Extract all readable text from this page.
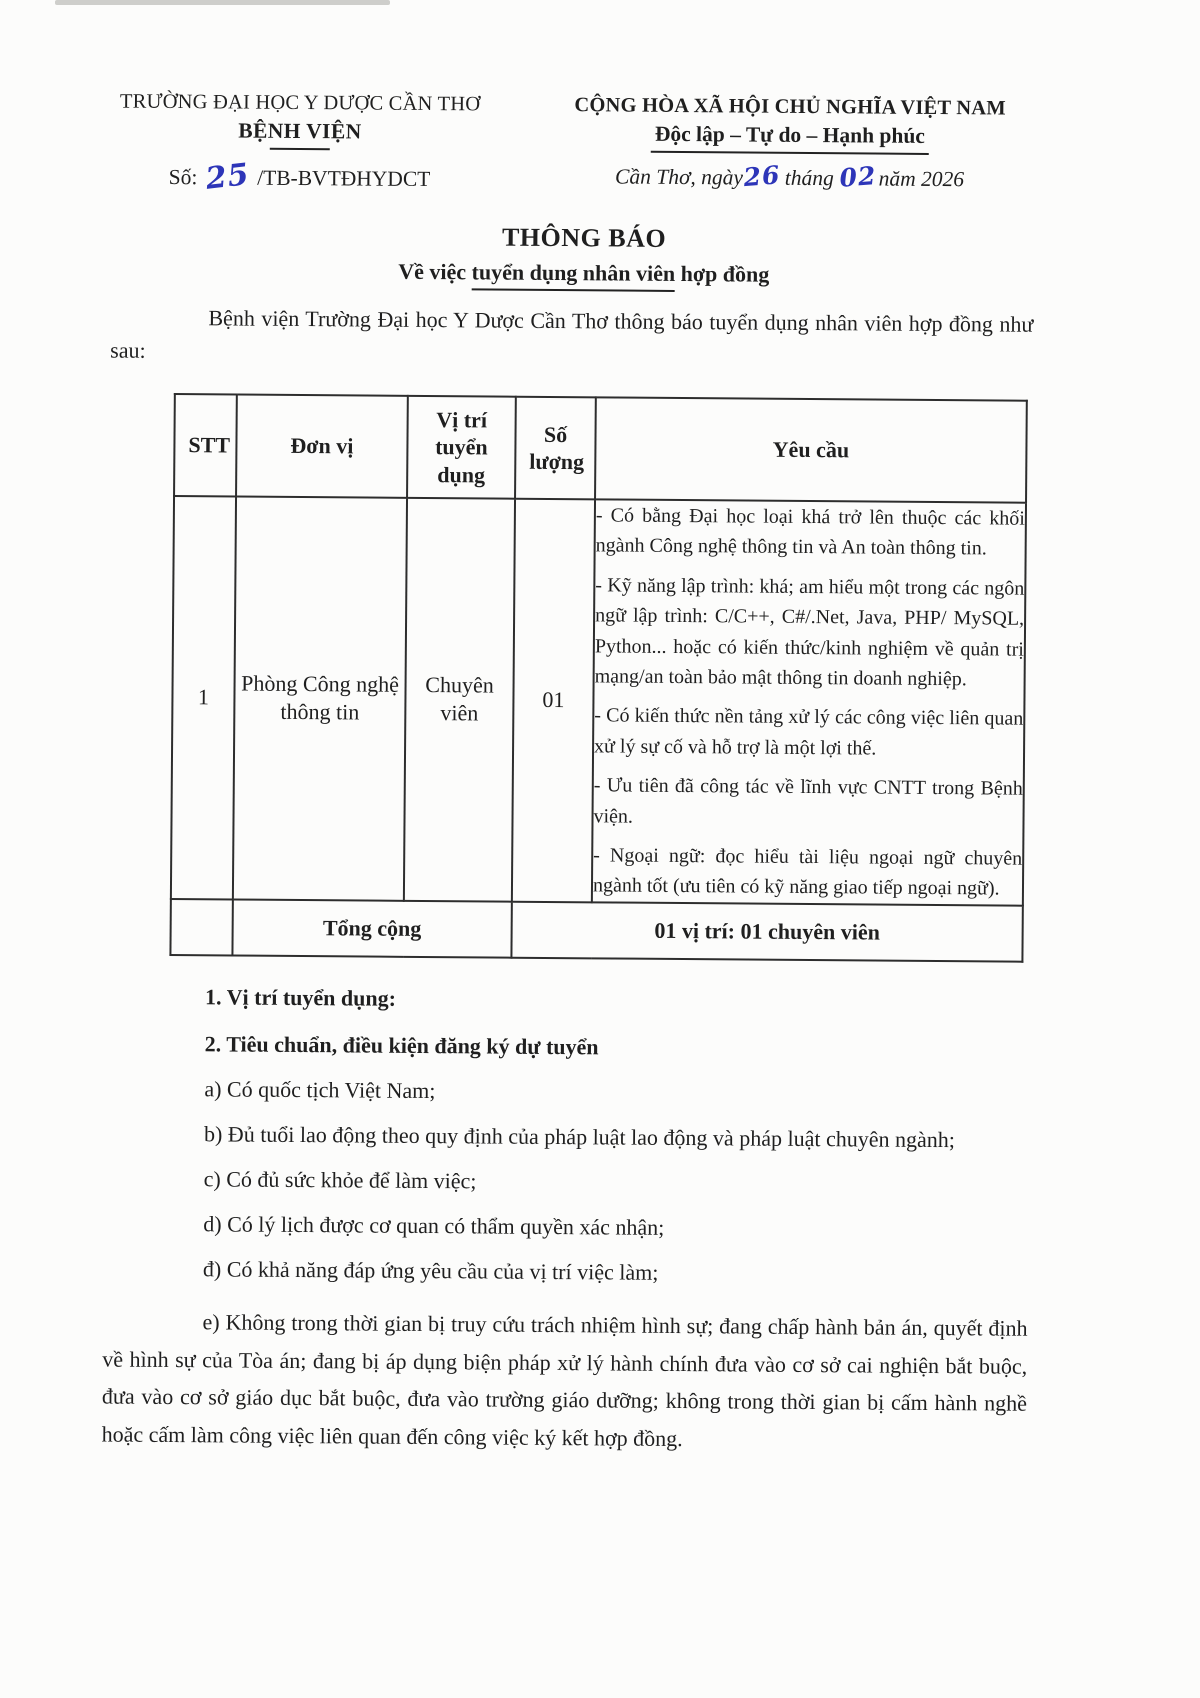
TRƯỜNG ĐẠI HỌC Y DƯỢC CẦN THƠ
BỆNH VIỆN
Số: 25 /TB-BVTĐHYDCT
CỘNG HÒA XÃ HỘI CHỦ NGHĨA VIỆT NAM
Độc lập – Tự do – Hạnh phúc
Cần Thơ, ngày26 tháng 02năm 2026
THÔNG BÁO
Về việc tuyển dụng nhân viên hợp đồng

Bệnh viện Trường Đại học Y Dược Cần Thơ thông báo tuyển dụng nhân viên hợp đồng như sau:

STT	Đơn vị	Vị trí tuyển dụng	Số lượng	Yêu cầu
1	Phòng Công nghệ thông tin	Chuyên viên	01	- Có bằng Đại học loại khá trở lên thuộc các khối ngành Công nghệ thông tin và An toàn thông tin.

- Kỹ năng lập trình: khá; am hiểu một trong các ngôn ngữ lập trình: C/C++, C#/.Net, Java, PHP/ MySQL, Python... hoặc có kiến thức/kinh nghiệm về quản trị mạng/an toàn bảo mật thông tin doanh nghiệp.

- Có kiến thức nền tảng xử lý các công việc liên quan xử lý sự cố và hỗ trợ là một lợi thế.

- Ưu tiên đã công tác về lĩnh vực CNTT trong Bệnh viện.

- Ngoại ngữ: đọc hiểu tài liệu ngoại ngữ chuyên ngành tốt (ưu tiên có kỹ năng giao tiếp ngoại ngữ).

	Tổng cộng		01 vị trí: 01 chuyên viên	

1. Vị trí tuyển dụng:

2. Tiêu chuẩn, điều kiện đăng ký dự tuyển

a) Có quốc tịch Việt Nam;

b) Đủ tuổi lao động theo quy định của pháp luật lao động và pháp luật chuyên ngành;

c) Có đủ sức khỏe để làm việc;

d) Có lý lịch được cơ quan có thẩm quyền xác nhận;

đ) Có khả năng đáp ứng yêu cầu của vị trí việc làm;

e) Không trong thời gian bị truy cứu trách nhiệm hình sự; đang chấp hành bản án, quyết định về hình sự của Tòa án; đang bị áp dụng biện pháp xử lý hành chính đưa vào cơ sở cai nghiện bắt buộc, đưa vào cơ sở giáo dục bắt buộc, đưa vào trường giáo dưỡng; không trong thời gian bị cấm hành nghề hoặc cấm làm công việc liên quan đến công việc ký kết hợp đồng.
